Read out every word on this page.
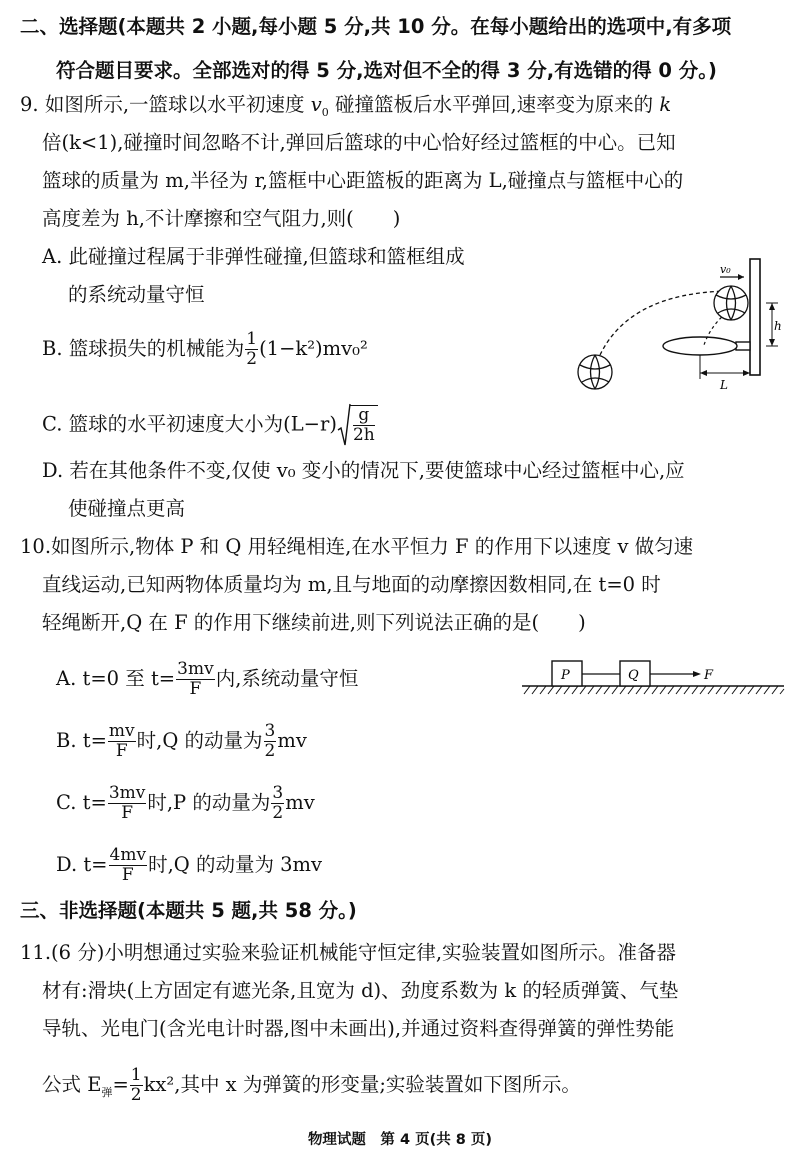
二、选择题(本题共 2 小题,每小题 5 分,共 10 分。在每小题给出的选项中,有多项
符合题目要求。全部选对的得 5 分,选对但不全的得 3 分,有选错的得 0 分。)
9. 如图所示,一篮球以水平初速度 $v_0$ 碰撞篮板后水平弹回,速率变为原来的 k
倍(k<1),碰撞时间忽略不计,弹回后篮球的中心恰好经过篮框的中心。已知
篮球的质量为 m,半径为 r,篮框中心距篮板的距离为 L,碰撞点与篮框中心的
高度差为 h,不计摩擦和空气阻力,则(　　)
A. 此碰撞过程属于非弹性碰撞,但篮球和篮框组成
的系统动量守恒
B. 篮球损失的机械能为 $\frac{1}{2} (1-k^2)mv_0^2$
C. 篮球的水平初速度大小为$(L-r) \frac{g}{2h}$
D. 若在其他条件不变,仅使 v₀ 变小的情况下,要使篮球中心经过篮框中心,应
使碰撞点更高
v₀
h
L
10.如图所示,物体 P 和 Q 用轻绳相连,在水平恒力 F 的作用下以速度 v 做匀速
直线运动,已知两物体质量均为 m,且与地面的动摩擦因数相同,在 t=0 时
轻绳断开,Q 在 F 的作用下继续前进,则下列说法正确的是(　　)
A. t=0 至 $t= \frac{3mv}{F}$ 内,系统动量守恒
B. $t= \frac{mv}{F}$ 时,Q 的动量为 $\frac{3}{2}$ mv
C. $t= \frac{3mv}{F}$ 时,P 的动量为 $\frac{3}{2}$ mv
D. $t= \frac{4mv}{F}$ 时,Q 的动量为 3mv
P	Q	F
三、非选择题(本题共 5 题,共 58 分。)
11.(6 分)小明想通过实验来验证机械能守恒定律,实验装置如图所示。准备器
材有:滑块(上方固定有遮光条,且宽为 d)、劲度系数为 k 的轻质弹簧、气垫
导轨、光电门(含光电计时器,图中未画出),并通过资料查得弹簧的弹性势能
公式 $E_弹= \frac{1}{2} kx^2$,其中 x 为弹簧的形变量;实验装置如下图所示。
物理试题　第 4 页(共 8 页)
